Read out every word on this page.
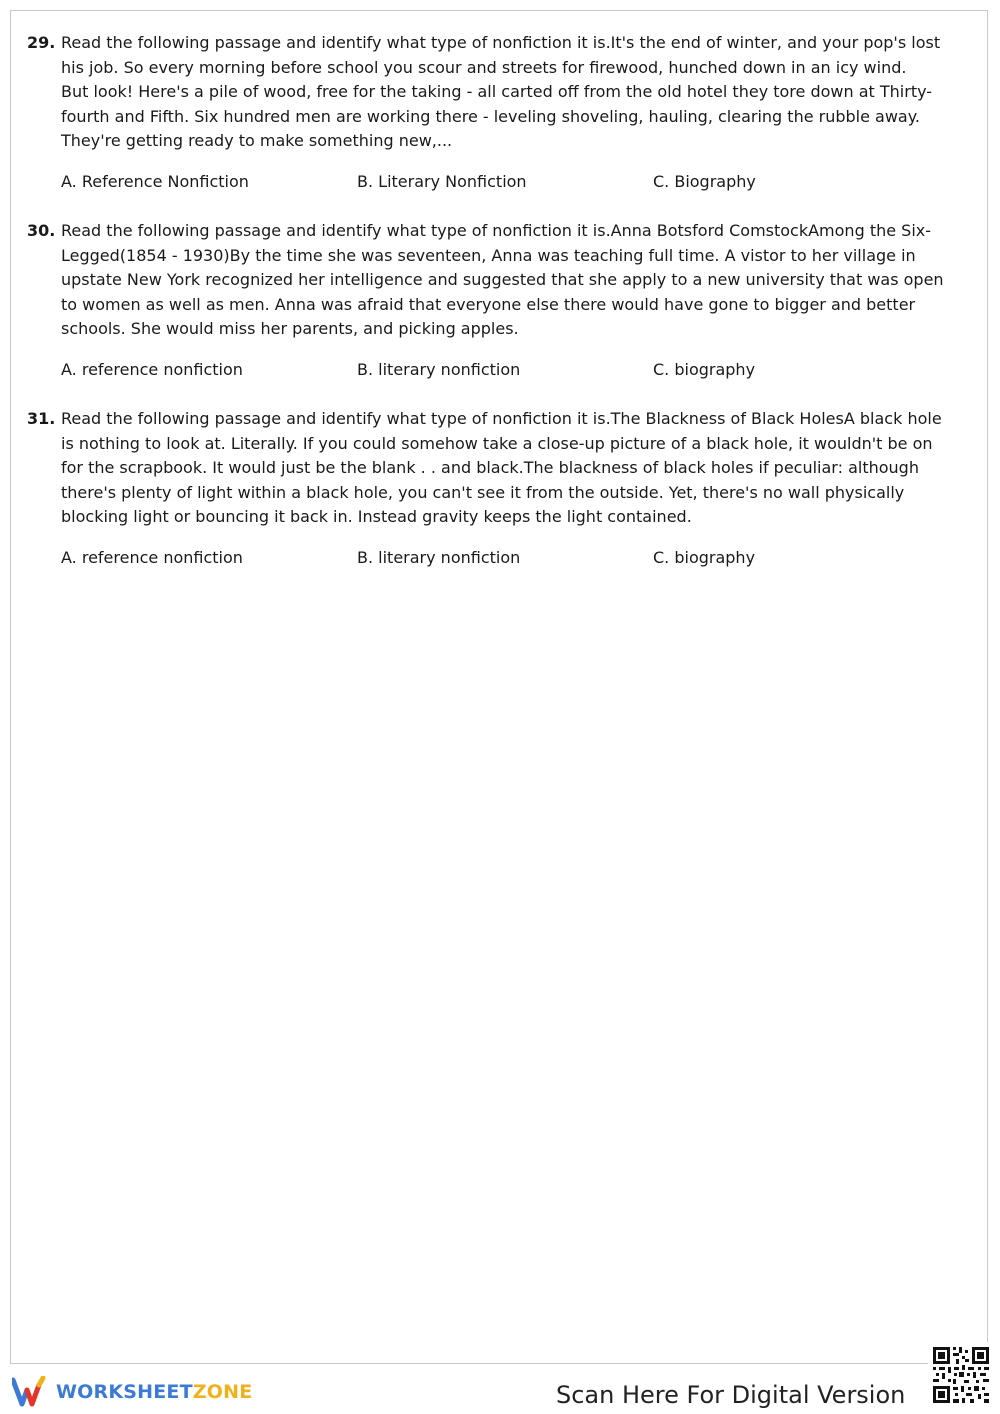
29. Read the following passage and identify what type of nonfiction it is.It's the end of winter, and your pop's lost
his job. So every morning before school you scour and streets for firewood, hunched down in an icy wind.
But look! Here's a pile of wood, free for the taking - all carted off from the old hotel they tore down at Thirty-
fourth and Fifth. Six hundred men are working there - leveling shoveling, hauling, clearing the rubble away.
They're getting ready to make something new,...
A. Reference Nonfiction	B. Literary Nonfiction	C. Biography
30. Read the following passage and identify what type of nonfiction it is.Anna Botsford ComstockAmong the Six-
Legged(1854 - 1930)By the time she was seventeen, Anna was teaching full time. A vistor to her village in
upstate New York recognized her intelligence and suggested that she apply to a new university that was open
to women as well as men. Anna was afraid that everyone else there would have gone to bigger and better
schools. She would miss her parents, and picking apples.
A. reference nonfiction	B. literary nonfiction	C. biography
31. Read the following passage and identify what type of nonfiction it is.The Blackness of Black HolesA black hole
is nothing to look at. Literally. If you could somehow take a close-up picture of a black hole, it wouldn't be on
for the scrapbook. It would just be the blank . . and black.The blackness of black holes if peculiar: although
there's plenty of light within a black hole, you can't see it from the outside. Yet, there's no wall physically
blocking light or bouncing it back in. Instead gravity keeps the light contained.
A. reference nonfiction	B. literary nonfiction	C. biography
WORKSHEETZONE	Scan Here For Digital Version
